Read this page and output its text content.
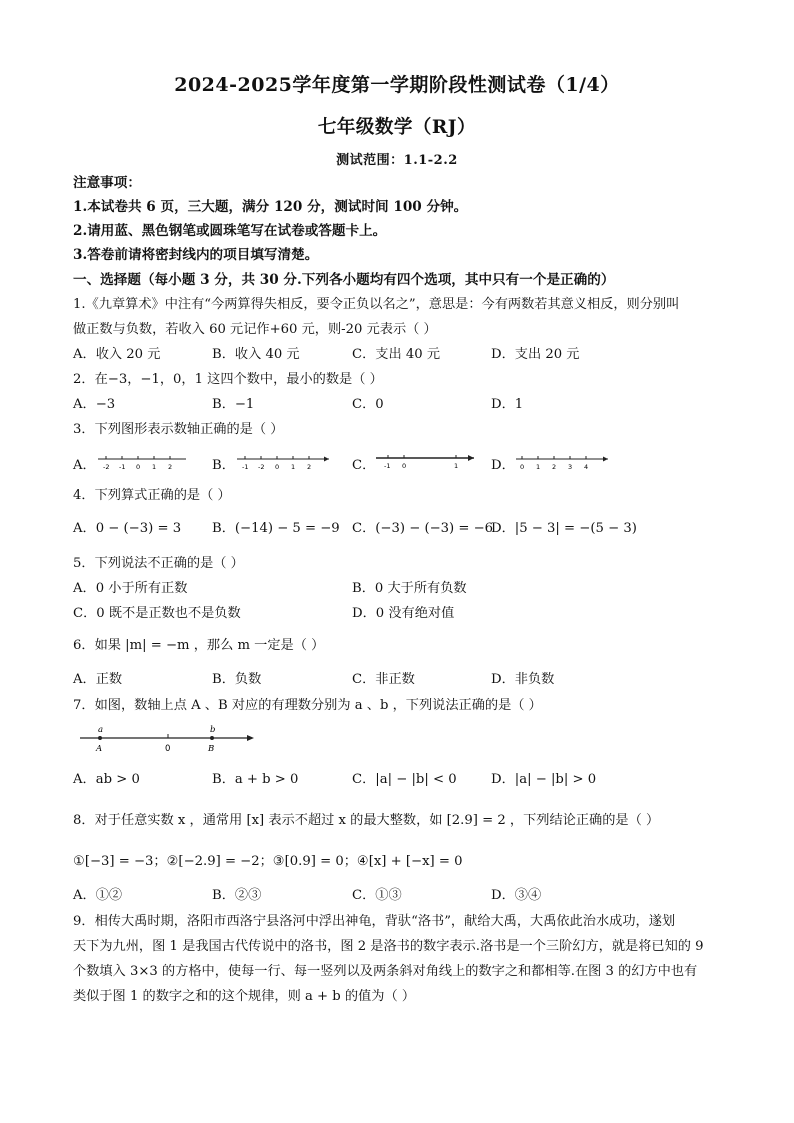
2024-2025学年度第一学期阶段性测试卷（1/4）
七年级数学（RJ）
测试范围：1.1-2.2
注意事项：
1.本试卷共 6 页，三大题，满分 120 分，测试时间 100 分钟。
2.请用蓝、黑色钢笔或圆珠笔写在试卷或答题卡上。
3.答卷前请将密封线内的项目填写清楚。
一、选择题（每小题 3 分，共 30 分.下列各小题均有四个选项，其中只有一个是正确的）
1.《九章算术》中注有“今两算得失相反，要令正负以名之”，意思是：今有两数若其意义相反，则分别叫
做正数与负数，若收入 60 元记作+60 元，则-20 元表示（ ）
A．收入 20 元	B．收入 40 元	C．支出 40 元	D．支出 20 元
2．在−3，−1，0，1 这四个数中，最小的数是（ ）
A．−3	B．−1	C．0	D．1
3．下列图形表示数轴正确的是（ ）
A．	B．	C．	D．
-2 -1 0 1 2	-1 -2 0 1 2	-1 0	1	0 1 2 3 4
4．下列算式正确的是（ ）
A．0 − (−3) = 3 B．(−14) − 5 = −9 C．(−3) − (−3) = −6
D．|5 − 3| = −(5 − 3)
5．下列说法不正确的是（ ）
A．0 小于所有正数	B．0 大于所有负数
C．0 既不是正数也不是负数	D．0 没有绝对值
6．如果 |m| = −m ，那么 m 一定是（ ）
A．正数	B．负数	C．非正数	D．非负数
7．如图，数轴上点 A 、B 对应的有理数分别为 a 、b ，下列说法正确的是（ ）
a
A	0
b
B
A．ab > 0	B．a + b > 0	C．|a| − |b| < 0	D．|a| − |b| > 0
8．对于任意实数 x ，通常用 [x] 表示不超过 x 的最大整数，如 [2.9] = 2 ，下列结论正确的是（ ）
①[−3] = −3；②[−2.9] = −2；③[0.9] = 0；④[x] + [−x] = 0
A．①②	B．②③	C．①③	D．③④
9．相传大禹时期，洛阳市西洛宁县洛河中浮出神龟，背驮“洛书”，献给大禹，大禹依此治水成功，遂划
天下为九州，图 1 是我国古代传说中的洛书，图 2 是洛书的数字表示.洛书是一个三阶幻方，就是将已知的 9
个数填入 3×3 的方格中，使每一行、每一竖列以及两条斜对角线上的数字之和都相等.在图 3 的幻方中也有
类似于图 1 的数字之和的这个规律，则 a + b 的值为（ ）
